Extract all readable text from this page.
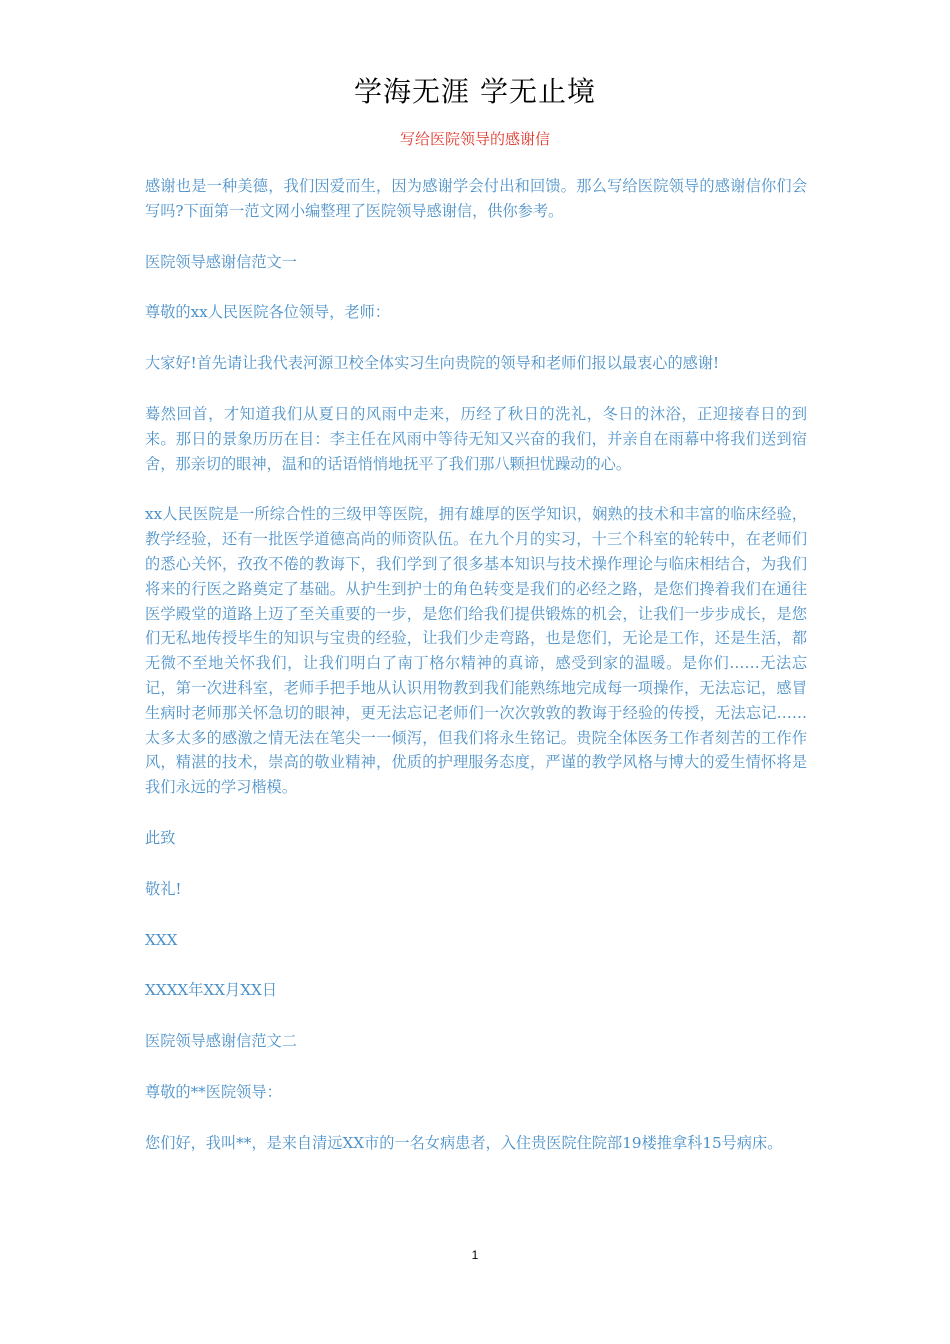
学海无涯 学无止境
写给医院领导的感谢信

感谢也是一种美德，我们因爱而生，因为感谢学会付出和回馈。那么写给医院领导的感谢信你们会写吗?下面第一范文网小编整理了医院领导感谢信，供你参考。

医院领导感谢信范文一

尊敬的xx人民医院各位领导，老师：

大家好!首先请让我代表河源卫校全体实习生向贵院的领导和老师们报以最衷心的感谢!

蓦然回首，才知道我们从夏日的风雨中走来，历经了秋日的洗礼，冬日的沐浴，正迎接春日的到来。那日的景象历历在目：李主任在风雨中等待无知又兴奋的我们，并亲自在雨幕中将我们送到宿舍，那亲切的眼神，温和的话语悄悄地抚平了我们那八颗担忧躁动的心。

xx人民医院是一所综合性的三级甲等医院，拥有雄厚的医学知识，娴熟的技术和丰富的临床经验，教学经验，还有一批医学道德高尚的师资队伍。在九个月的实习，十三个科室的轮转中，在老师们的悉心关怀，孜孜不倦的教诲下，我们学到了很多基本知识与技术操作理论与临床相结合，为我们将来的行医之路奠定了基础。从护生到护士的角色转变是我们的必经之路，是您们搀着我们在通往医学殿堂的道路上迈了至关重要的一步，是您们给我们提供锻炼的机会，让我们一步步成长，是您们无私地传授毕生的知识与宝贵的经验，让我们少走弯路，也是您们，无论是工作，还是生活，都无微不至地关怀我们，让我们明白了南丁格尔精神的真谛，感受到家的温暖。是你们……无法忘记，第一次进科室，老师手把手地从认识用物教到我们能熟练地完成每一项操作，无法忘记，感冒生病时老师那关怀急切的眼神，更无法忘记老师们一次次敦敦的教诲于经验的传授，无法忘记……太多太多的感激之情无法在笔尖一一倾泻，但我们将永生铭记。贵院全体医务工作者刻苦的工作作风，精湛的技术，崇高的敬业精神，优质的护理服务态度，严谨的教学风格与博大的爱生情怀将是我们永远的学习楷模。

此致

敬礼!

XXX

XXXX年XX月XX日

医院领导感谢信范文二

尊敬的**医院领导：

您们好，我叫**，是来自清远XX市的一名女病患者，入住贵医院住院部19楼推拿科15号病床。

1
